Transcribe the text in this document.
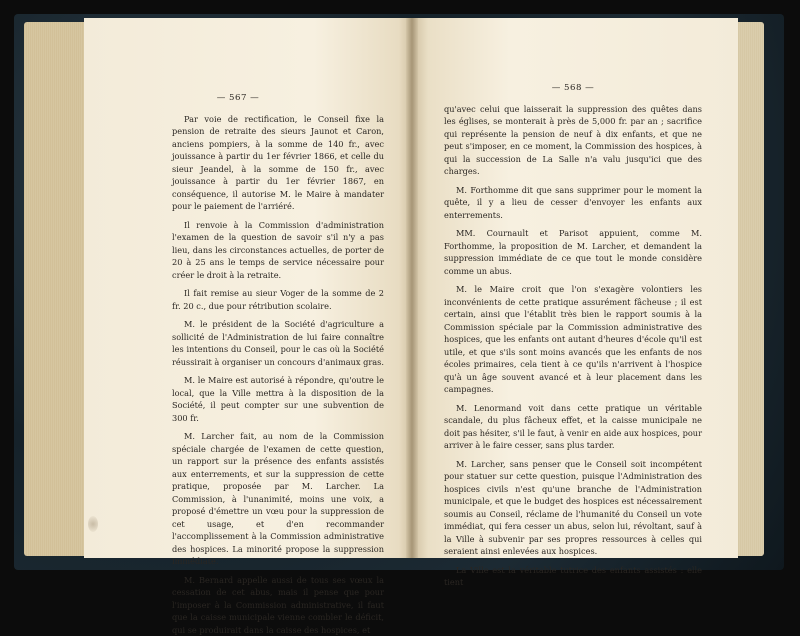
— 567 —

Par voie de rectification, le Conseil fixe la pension de retraite des sieurs Jaunot et Caron, anciens pompiers, à la somme de 140 fr., avec jouissance à partir du 1er février 1866, et celle du sieur Jeandel, à la somme de 150 fr., avec jouissance à partir du 1er février 1867, en conséquence, il autorise M. le Maire à mandater pour le paiement de l'arriéré.

Il renvoie à la Commission d'administration l'examen de la question de savoir s'il n'y a pas lieu, dans les circonstances actuelles, de porter de 20 à 25 ans le temps de service nécessaire pour créer le droit à la retraite.

Il fait remise au sieur Voger de la somme de 2 fr. 20 c., due pour rétribution scolaire.

M. le président de la Société d'agriculture a sollicité de l'Administration de lui faire connaître les intentions du Conseil, pour le cas où la Société réussirait à organiser un concours d'animaux gras.

M. le Maire est autorisé à répondre, qu'outre le local, que la Ville mettra à la disposition de la Société, il peut compter sur une subvention de 300 fr.

M. Larcher fait, au nom de la Commission spéciale chargée de l'examen de cette question, un rapport sur la présence des enfants assistés aux enterrements, et sur la suppression de cette pratique, proposée par M. Larcher. La Commission, à l'unanimité, moins une voix, a proposé d'émettre un vœu pour la suppression de cet usage, et d'en recommander l'accomplissement à la Commission administrative des hospices. La minorité propose la suppression immédiate.

M. Bernard appelle aussi de tous ses vœux la cessation de cet abus, mais il pense que pour l'imposer à la Commission administrative, il faut que la caisse municipale vienne combler le déficit, qui se produirait dans la caisse des hospices, et

— 568 —

qu'avec celui que laisserait la suppression des quêtes dans les églises, se monterait à près de 5,000 fr. par an ; sacrifice qui représente la pension de neuf à dix enfants, et que ne peut s'imposer, en ce moment, la Commission des hospices, à qui la succession de La Salle n'a valu jusqu'ici que des charges.

M. Forthomme dit que sans supprimer pour le moment la quête, il y a lieu de cesser d'envoyer les enfants aux enterrements.

MM. Cournault et Parisot appuient, comme M. Forthomme, la proposition de M. Larcher, et demandent la suppression immédiate de ce que tout le monde considère comme un abus.

M. le Maire croit que l'on s'exagère volontiers les inconvénients de cette pratique assurément fâcheuse ; il est certain, ainsi que l'établit très bien le rapport soumis à la Commission spéciale par la Commission administrative des hospices, que les enfants ont autant d'heures d'école qu'il est utile, et que s'ils sont moins avancés que les enfants de nos écoles primaires, cela tient à ce qu'ils n'arrivent à l'hospice qu'à un âge souvent avancé et à leur placement dans les campagnes.

M. Lenormand voit dans cette pratique un véritable scandale, du plus fâcheux effet, et la caisse municipale ne doit pas hésiter, s'il le faut, à venir en aide aux hospices, pour arriver à le faire cesser, sans plus tarder.

M. Larcher, sans penser que le Conseil soit incompétent pour statuer sur cette question, puisque l'Administration des hospices civils n'est qu'une branche de l'Administration municipale, et que le budget des hospices est nécessairement soumis au Conseil, réclame de l'humanité du Conseil un vote immédiat, qui fera cesser un abus, selon lui, révoltant, sauf à la Ville à subvenir par ses propres ressources à celles qui seraient ainsi enlevées aux hospices.

La Ville est la véritable tutrice des enfants assistés : elle tient
